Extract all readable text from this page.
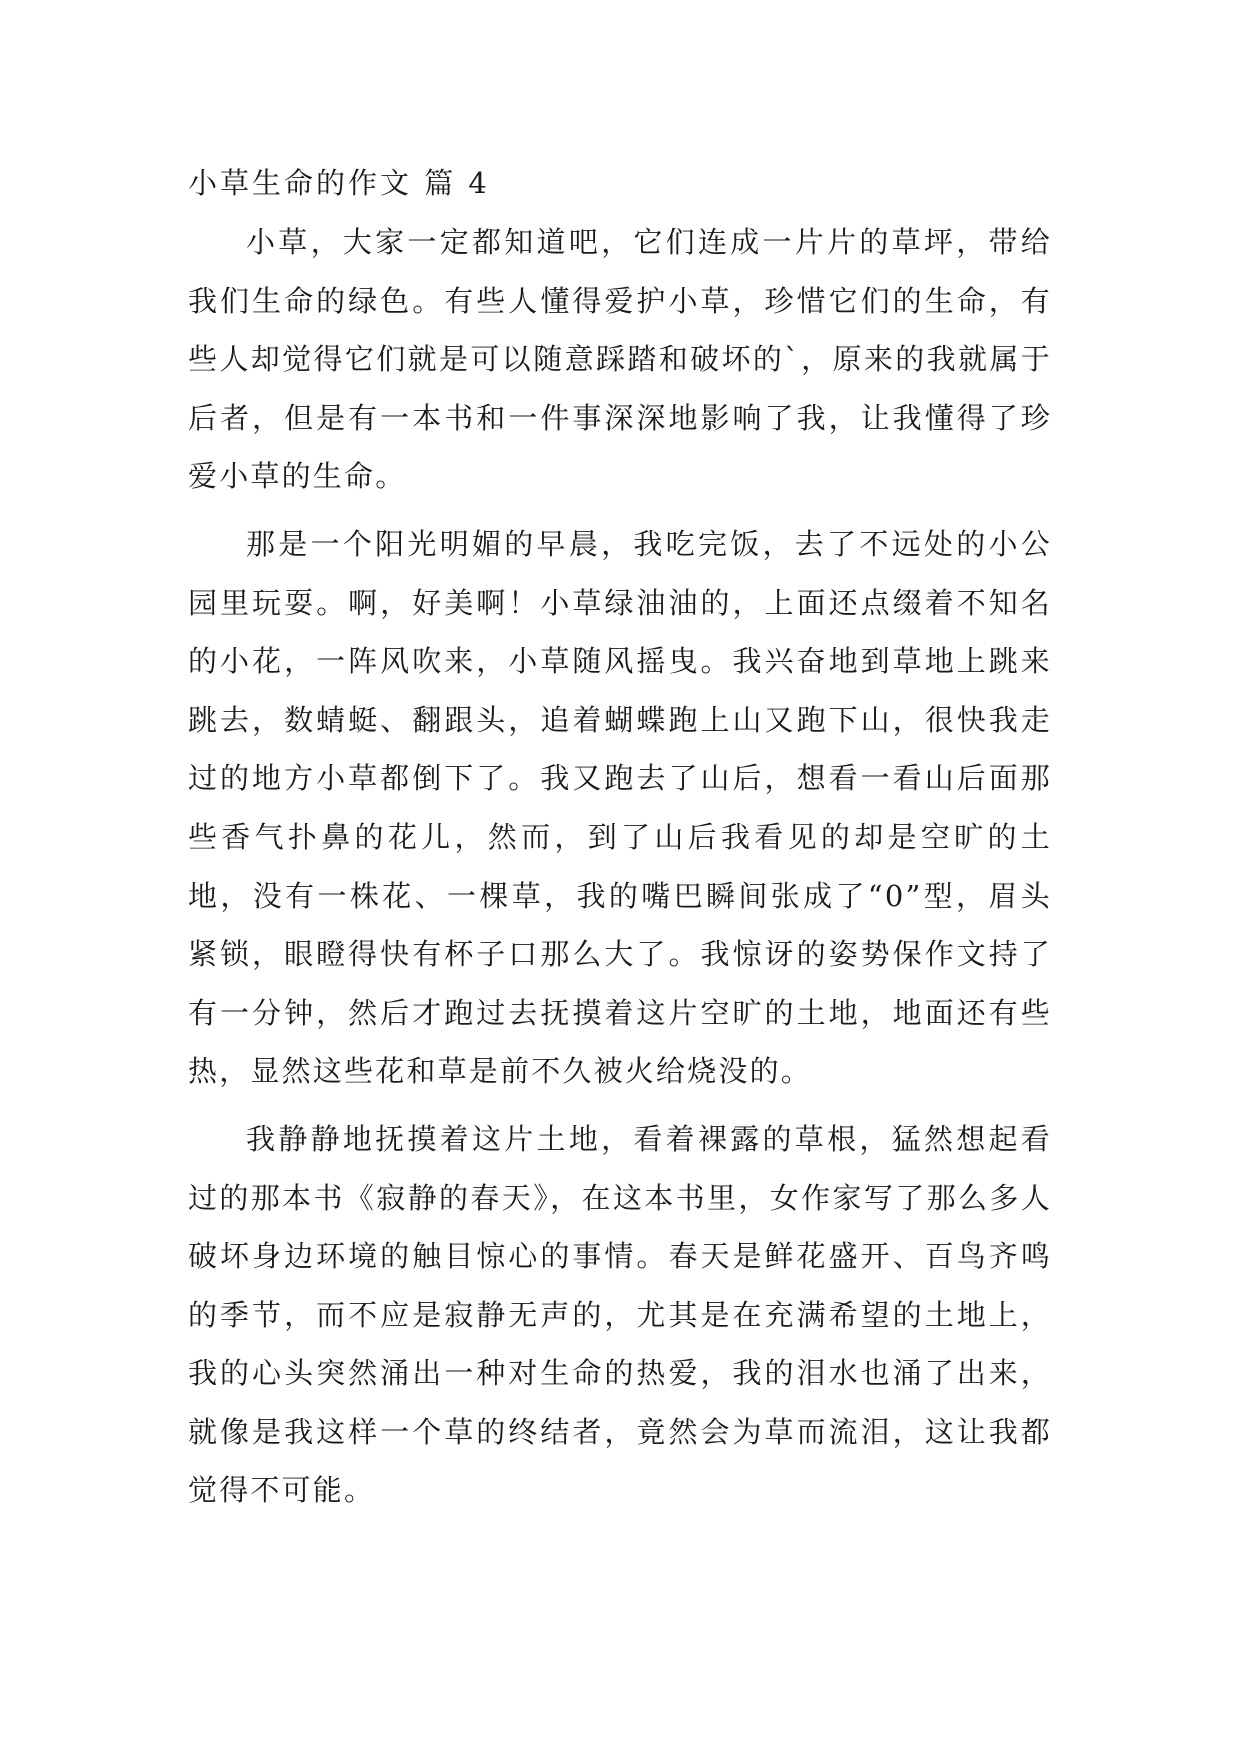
小草生命的作文 篇 4

小草，大家一定都知道吧，它们连成一片片的草坪，带给我们生命的绿色。有些人懂得爱护小草，珍惜它们的生命，有些人却觉得它们就是可以随意踩踏和破坏的`，原来的我就属于后者，但是有一本书和一件事深深地影响了我，让我懂得了珍爱小草的生命。

那是一个阳光明媚的早晨，我吃完饭，去了不远处的小公园里玩耍。啊，好美啊！小草绿油油的，上面还点缀着不知名的小花，一阵风吹来，小草随风摇曳。我兴奋地到草地上跳来跳去，数蜻蜓、翻跟头，追着蝴蝶跑上山又跑下山，很快我走过的地方小草都倒下了。我又跑去了山后，想看一看山后面那些香气扑鼻的花儿，然而，到了山后我看见的却是空旷的土地，没有一株花、一棵草，我的嘴巴瞬间张成了“0”型，眉头紧锁，眼瞪得快有杯子口那么大了。我惊讶的姿势保作文持了有一分钟，然后才跑过去抚摸着这片空旷的土地，地面还有些热，显然这些花和草是前不久被火给烧没的。

我静静地抚摸着这片土地，看着裸露的草根，猛然想起看过的那本书《寂静的春天》，在这本书里，女作家写了那么多人破坏身边环境的触目惊心的事情。春天是鲜花盛开、百鸟齐鸣的季节，而不应是寂静无声的，尤其是在充满希望的土地上，我的心头突然涌出一种对生命的热爱，我的泪水也涌了出来，就像是我这样一个草的终结者，竟然会为草而流泪，这让我都觉得不可能。
